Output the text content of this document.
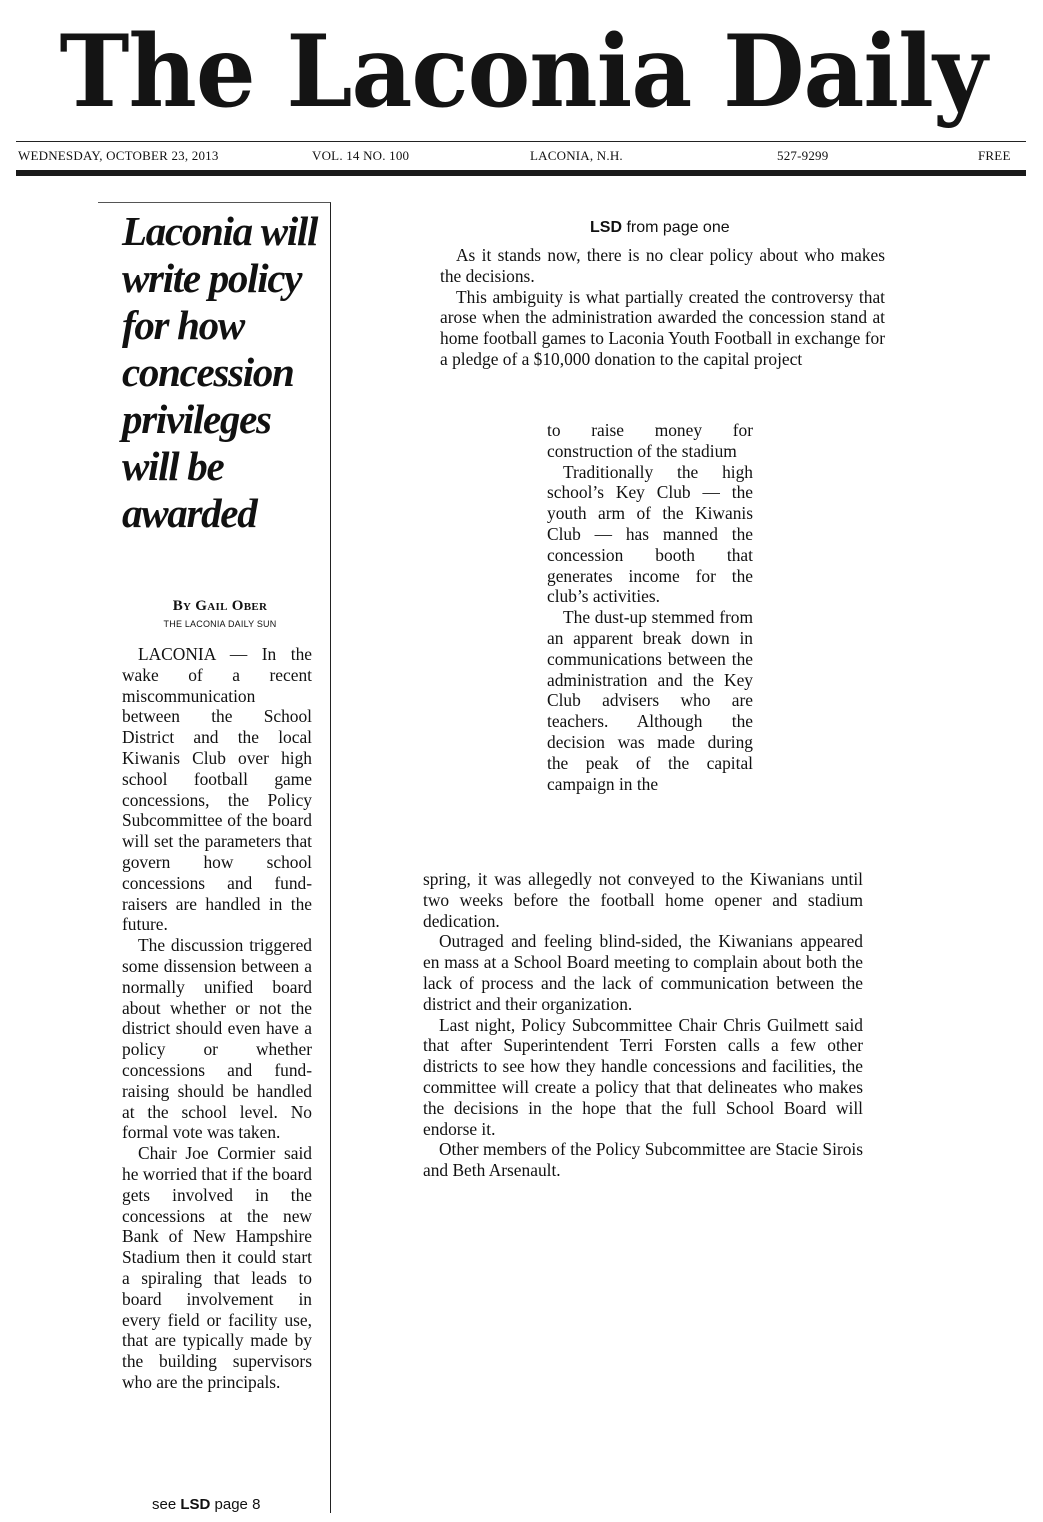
The Laconia Daily
WEDNESDAY, OCTOBER 23, 2013	VOL. 14 NO. 100	LACONIA, N.H.	527-9299	FREE
Laconia will write policy for how concession privileges will be awarded
By Gail Ober
THE LACONIA DAILY SUN

LACONIA — In the wake of a recent miscommunication between the School District and the local Kiwanis Club over high school football game concessions, the Policy Subcommittee of the board will set the parameters that govern how school concessions and fund-raisers are handled in the future.

The discussion triggered some dissension between a normally unified board about whether or not the district should even have a policy or whether concessions and fund-raising should be handled at the school level. No formal vote was taken.

Chair Joe Cormier said he worried that if the board gets involved in the concessions at the new Bank of New Hampshire Stadium then it could start a spiraling that leads to board involvement in every field or facility use, that are typically made by the building supervisors who are the principals.

see LSD page 8
LSD from page one

As it stands now, there is no clear policy about who makes the decisions.

This ambiguity is what partially created the controversy that arose when the administration awarded the concession stand at home football games to Laconia Youth Football in exchange for a pledge of a $10,000 donation to the capital project

to raise money for construction of the stadium

Traditionally the high school’s Key Club — the youth arm of the Kiwanis Club — has manned the concession booth that generates income for the club’s activities.

The dust-up stemmed from an apparent break down in communications between the administration and the Key Club advisers who are teachers. Although the decision was made during the peak of the capital campaign in the

spring, it was allegedly not conveyed to the Kiwanians until two weeks before the football home opener and stadium dedication.

Outraged and feeling blind-sided, the Kiwanians appeared en mass at a School Board meeting to complain about both the lack of process and the lack of communication between the district and their organization.

Last night, Policy Subcommittee Chair Chris Guilmett said that after Superintendent Terri Forsten calls a few other districts to see how they handle concessions and facilities, the committee will create a policy that that delineates who makes the decisions in the hope that the full School Board will endorse it.

Other members of the Policy Subcommittee are Stacie Sirois and Beth Arsenault.
